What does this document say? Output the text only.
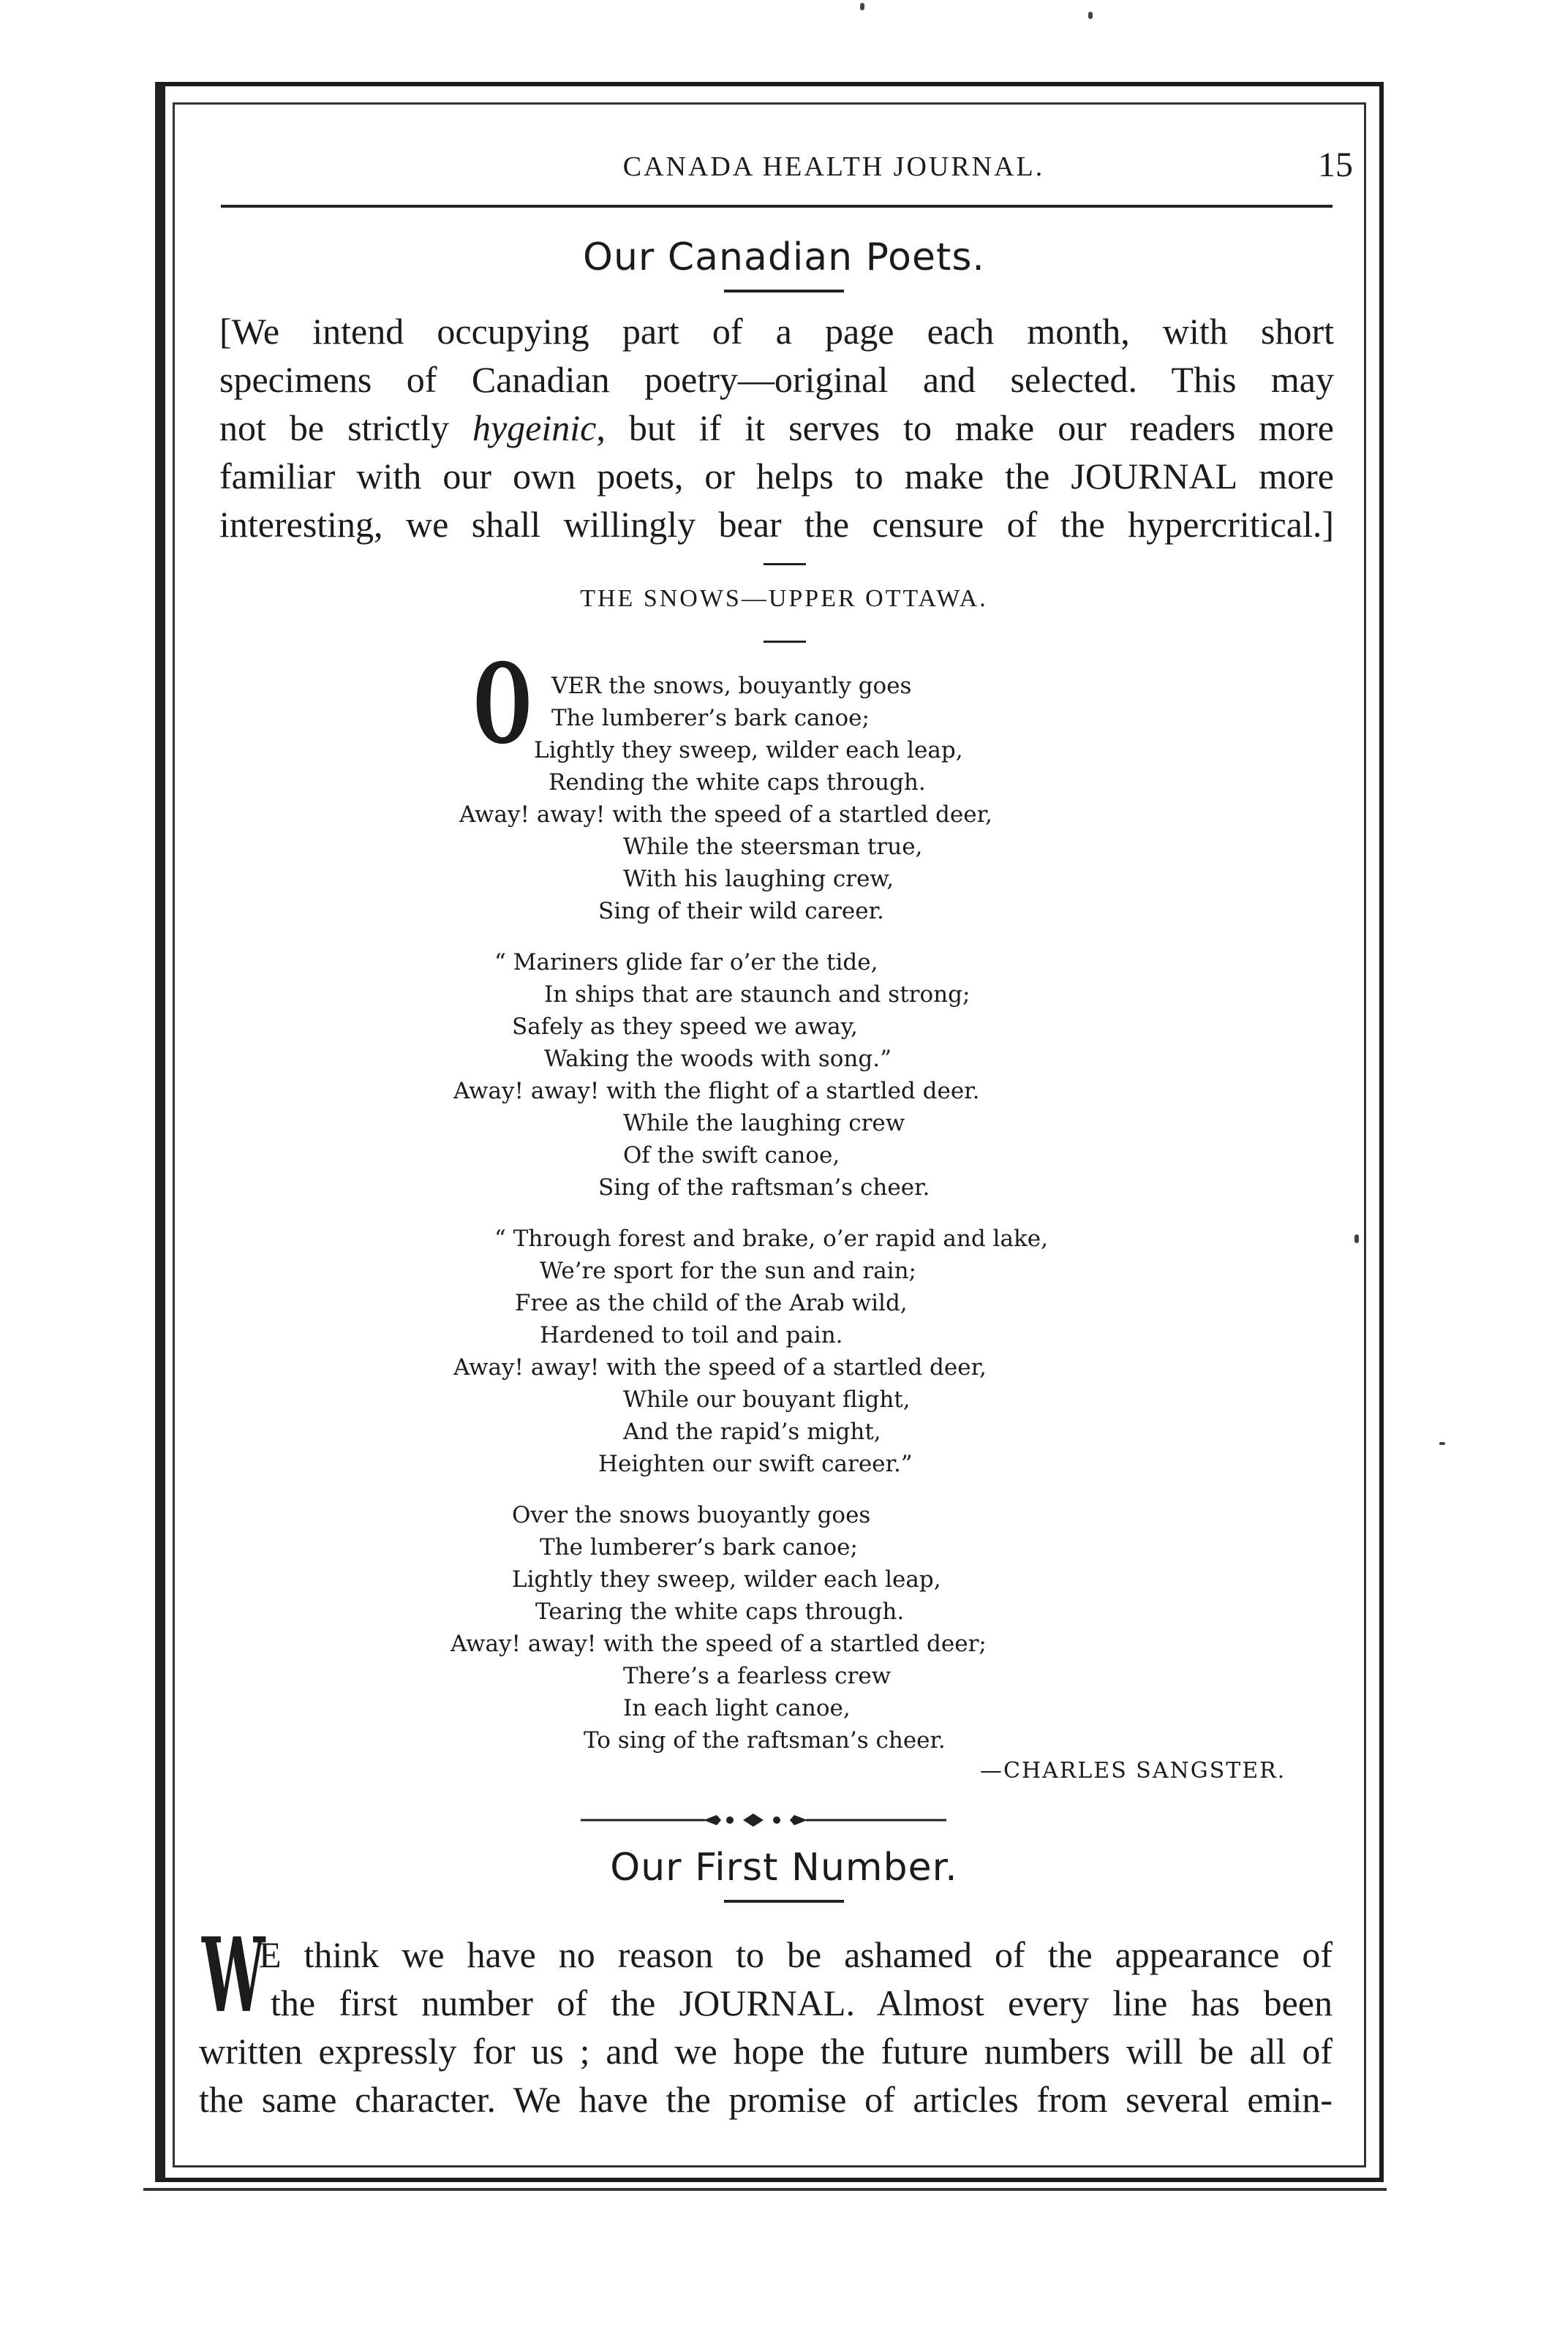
CANADA HEALTH JOURNAL.	15
Our Canadian Poets.
[We intend occupying part of a page each month, with short
specimens of Canadian poetry—original and selected. This may
not be strictly hygeinic, but if it serves to make our readers more
familiar with our own poets, or helps to make the JOURNAL more
interesting, we shall willingly bear the censure of the hypercritical.]
THE SNOWS—UPPER OTTAWA.
O VER the snows, bouyantly goes
The lumberer’s bark canoe;
Lightly they sweep, wilder each leap,
Rending the white caps through.
Away! away! with the speed of a startled deer,
While the steersman true,
With his laughing crew,
Sing of their wild career.
“ Mariners glide far o’er the tide,
In ships that are staunch and strong;
Safely as they speed we away,
Waking the woods with song.”
Away! away! with the flight of a startled deer.
While the laughing crew
Of the swift canoe,
Sing of the raftsman’s cheer.
“ Through forest and brake, o’er rapid and lake,
We’re sport for the sun and rain;
Free as the child of the Arab wild,
Hardened to toil and pain.
Away! away! with the speed of a startled deer,
While our bouyant flight,
And the rapid’s might,
Heighten our swift career.”
Over the snows buoyantly goes
The lumberer’s bark canoe;
Lightly they sweep, wilder each leap,
Tearing the white caps through.
Away! away! with the speed of a startled deer;
There’s a fearless crew
In each light canoe,
To sing of the raftsman’s cheer.
—CHARLES SANGSTER.
Our First Number.
W
E think we have no reason to be ashamed of the appearance of
the first number of the JOURNAL. Almost every line has been
written expressly for us ; and we hope the future numbers will be all of
the same character. We have the promise of articles from several emin-
